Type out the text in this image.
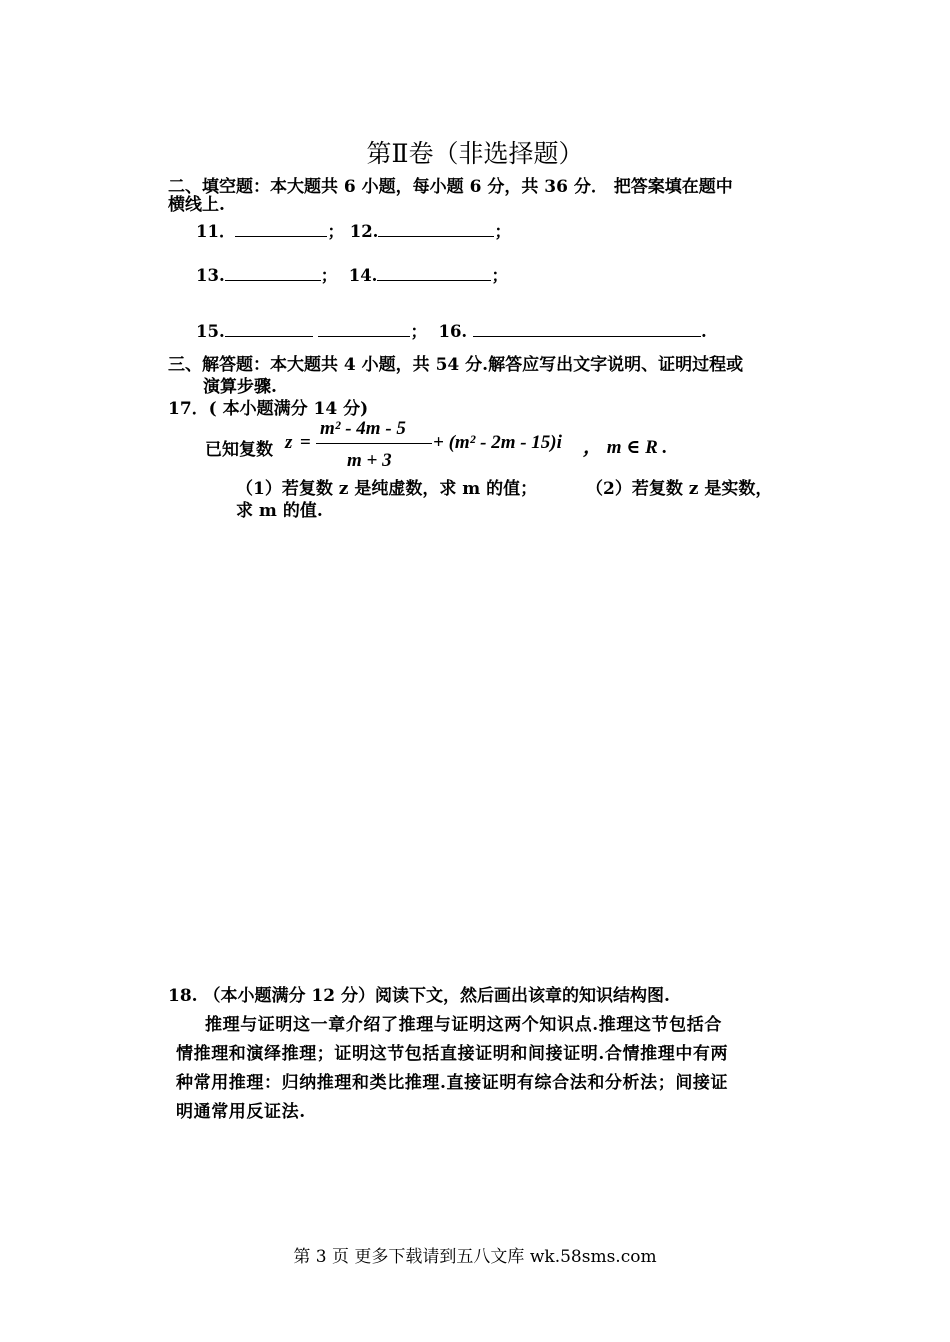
第Ⅱ卷（非选择题）
二、填空题：本大题共 6 小题，每小题 6 分，共 36 分． 把答案填在题中
横线上.
11．	； 12.	；
13.	； 14.	；
15.	； 16.	.
三、解答题：本大题共 4 小题，共 54 分.解答应写出文字说明、证明过程或
演算步骤.
17．( 本小题满分 14 分)
已知复数 z =
m² - 4m - 5
m + 3
+ (m² - 2m - 15)i ， m ∈ R .
（1）若复数 z 是纯虚数，求 m 的值；	（2）若复数 z 是实数，
求 m 的值.
18. （本小题满分 12 分）阅读下文，然后画出该章的知识结构图.
推理与证明这一章介绍了推理与证明这两个知识点.推理这节包括合
情推理和演绎推理；证明这节包括直接证明和间接证明.合情推理中有两
种常用推理：归纳推理和类比推理.直接证明有综合法和分析法；间接证
明通常用反证法.
第 3 页 更多下载请到五八文库 wk.58sms.com
